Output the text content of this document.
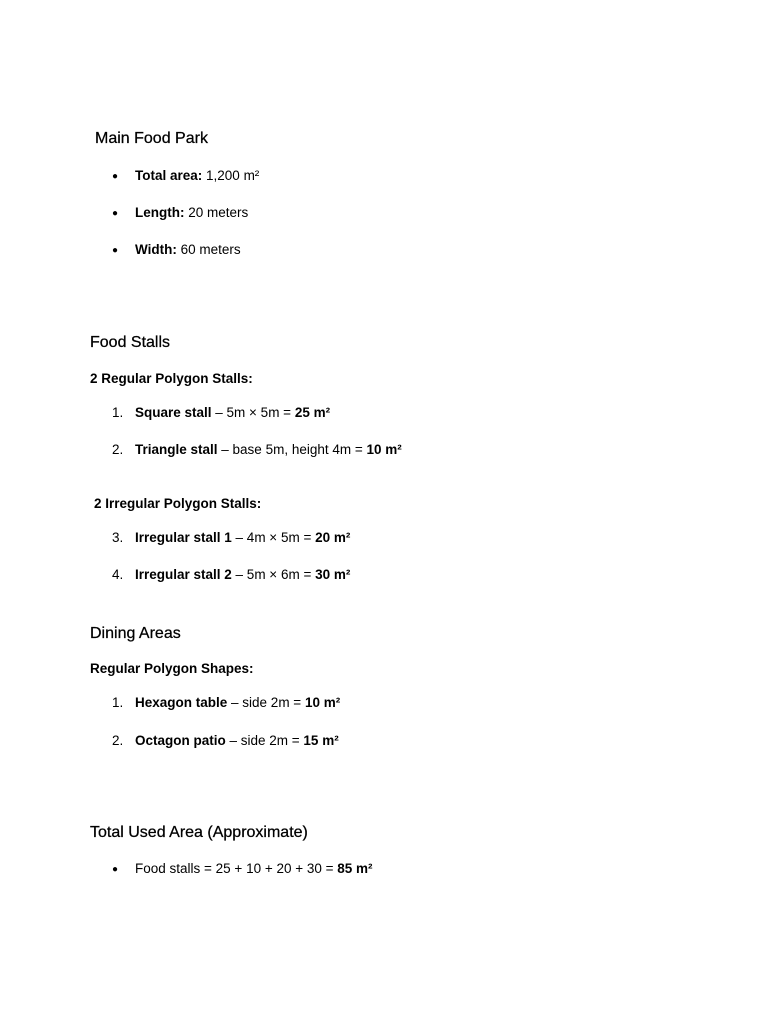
Main Food Park
● Total area: 1,200 m²
● Length: 20 meters
● Width: 60 meters
Food Stalls

2 Regular Polygon Stalls:

1. Square stall – 5m × 5m = 25 m²
2. Triangle stall – base 5m, height 4m = 10 m²

2 Irregular Polygon Stalls:

3. Irregular stall 1 – 4m × 5m = 20 m²
4. Irregular stall 2 – 5m × 6m = 30 m²
Dining Areas

Regular Polygon Shapes:

1. Hexagon table – side 2m = 10 m²
2. Octagon patio – side 2m = 15 m²
Total Used Area (Approximate)
● Food stalls = 25 + 10 + 20 + 30 = 85 m²
